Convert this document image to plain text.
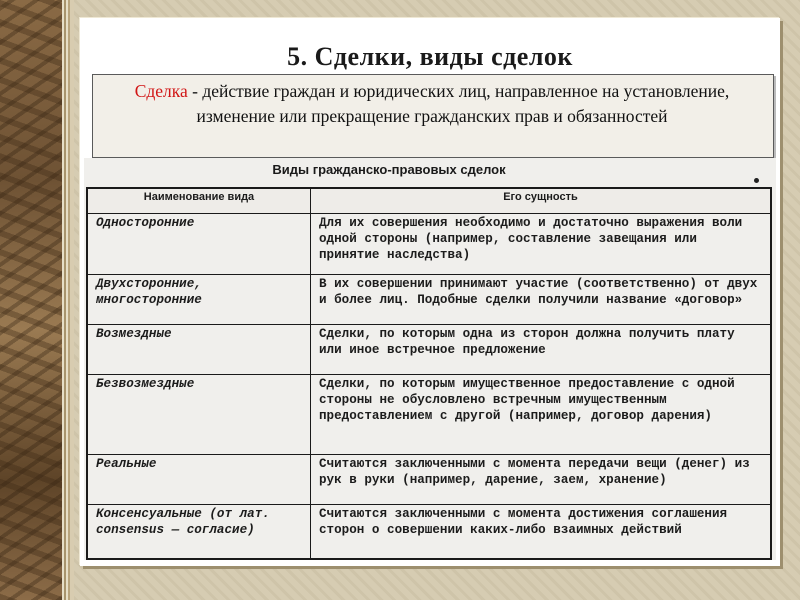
5. Сделки, виды сделок
Сделка - действие граждан и юридических лиц, направленное на установление, изменение или прекращение гражданских прав и обязанностей
Виды гражданско-правовых сделок
Наименование вида	Его сущность
Односторонние	Для их совершения необходимо и достаточно выражения воли одной стороны (например, составление завещания или принятие наследства)
Двухсторонние, многосторонние	В их совершении принимают участие (соответственно) от двух и более лиц. Подобные сделки получили название «договор»
Возмездные	Сделки, по которым одна из сторон должна получить плату или иное встречное предложение
Безвозмездные	Сделки, по которым имущественное предоставление с одной стороны не обусловлено встречным имущественным предоставлением с другой (например, договор дарения)
Реальные	Считаются заключенными с момента передачи вещи (денег) из рук в руки (например, дарение, заем, хранение)
Консенсуальные (от лат. consensus — согласие)	Считаются заключенными с момента достижения соглашения сторон о совершении каких-либо взаимных действий
